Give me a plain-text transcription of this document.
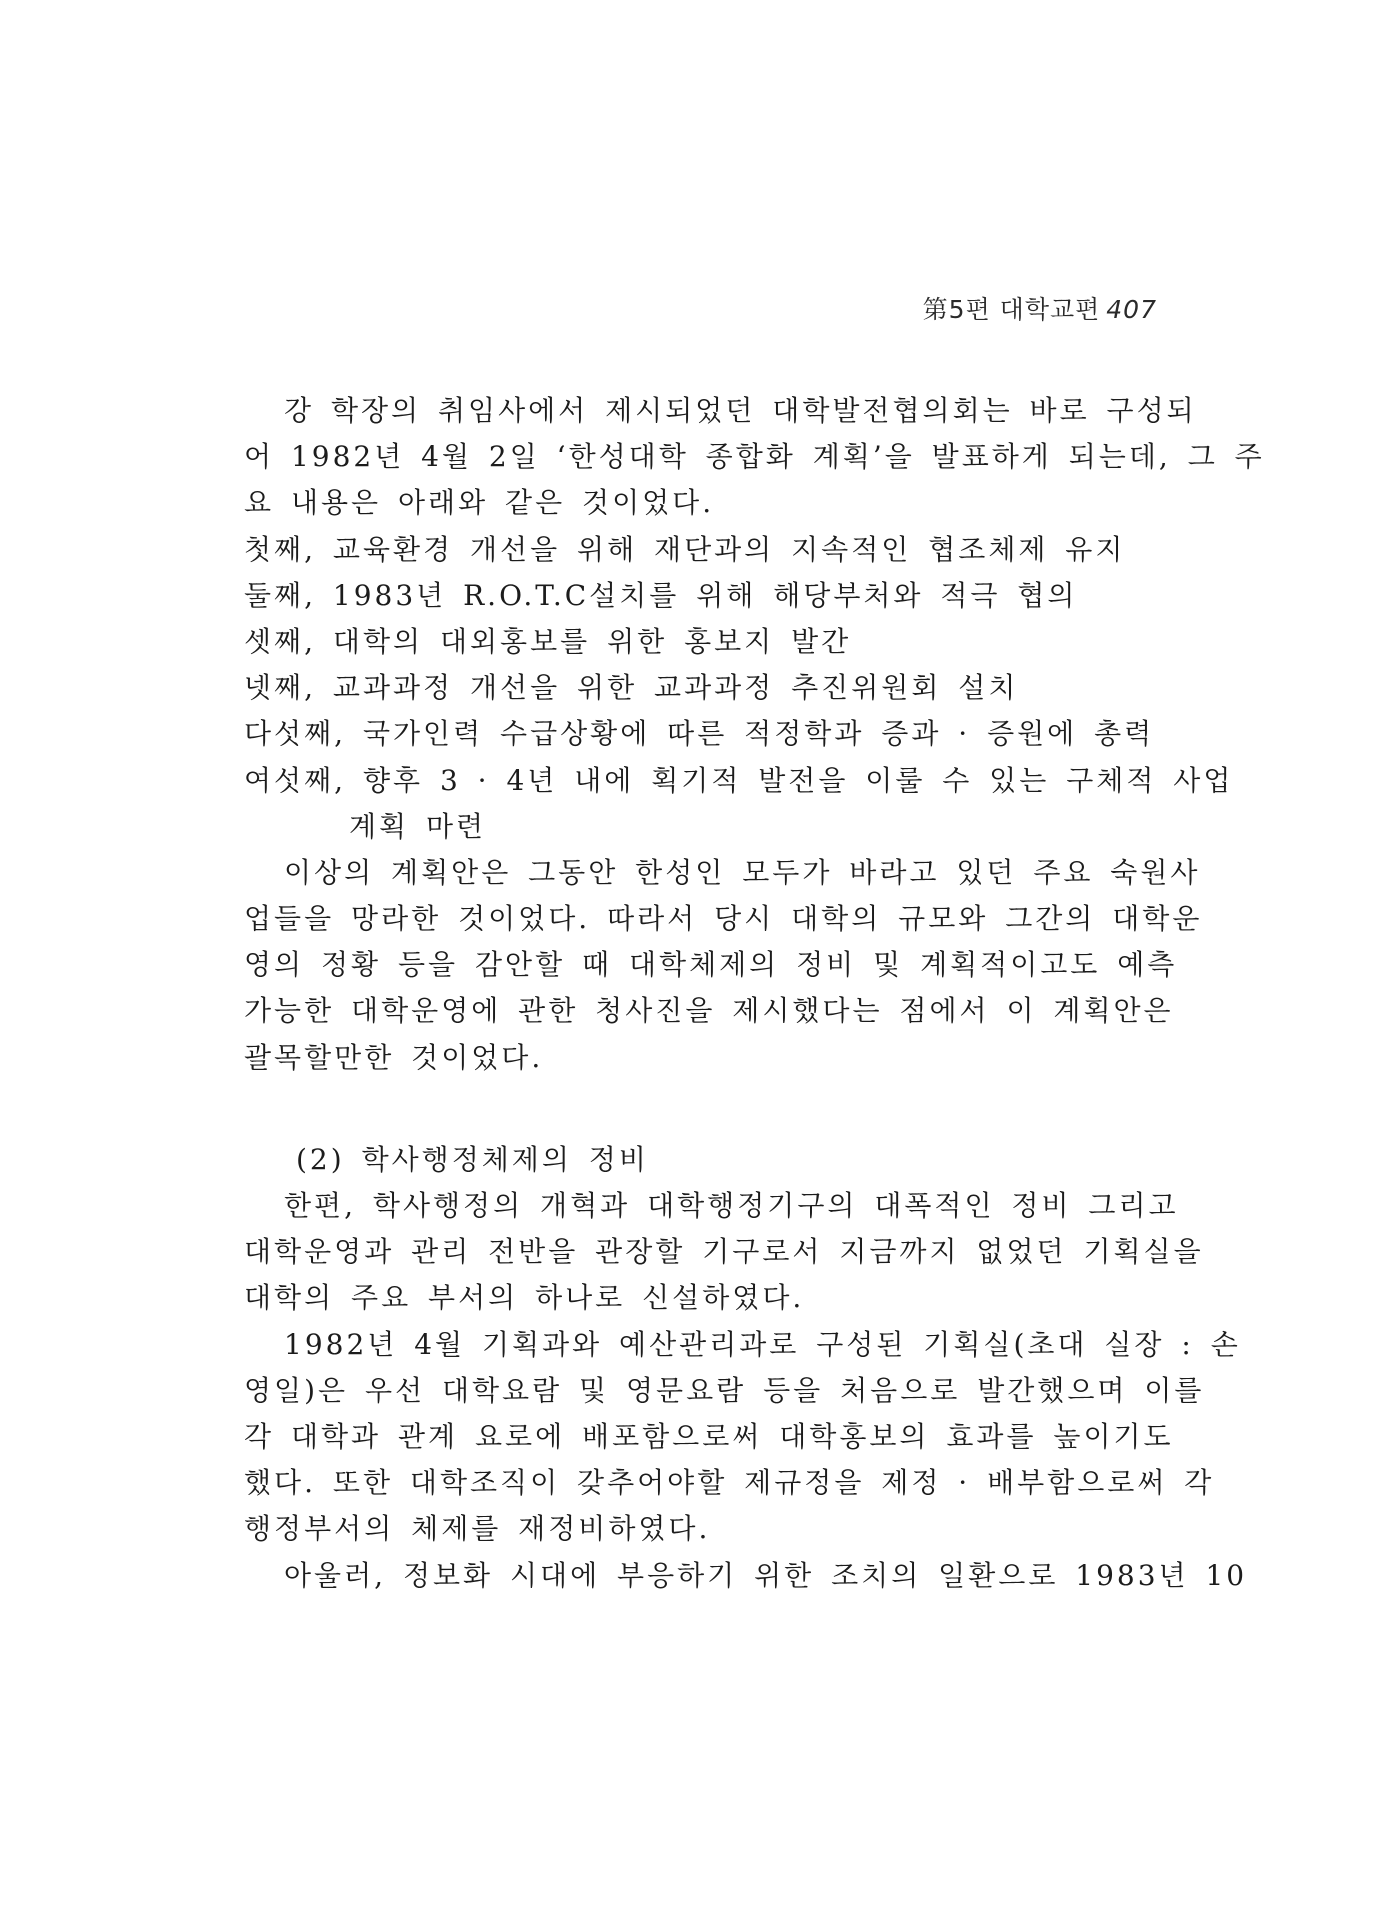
第5편 대학교편 407
강 학장의 취임사에서 제시되었던 대학발전협의회는 바로 구성되
어 1982년 4월 2일 ‘한성대학 종합화 계획’을 발표하게 되는데, 그 주
요 내용은 아래와 같은 것이었다.
첫째, 교육환경 개선을 위해 재단과의 지속적인 협조체제 유지
둘째, 1983년 R.O.T.C설치를 위해 해당부처와 적극 협의
셋째, 대학의 대외홍보를 위한 홍보지 발간
넷째, 교과과정 개선을 위한 교과과정 추진위원회 설치
다섯째, 국가인력 수급상황에 따른 적정학과 증과 · 증원에 총력
여섯째, 향후 3 · 4년 내에 획기적 발전을 이룰 수 있는 구체적 사업
계획 마련
이상의 계획안은 그동안 한성인 모두가 바라고 있던 주요 숙원사
업들을 망라한 것이었다. 따라서 당시 대학의 규모와 그간의 대학운
영의 정황 등을 감안할 때 대학체제의 정비 및 계획적이고도 예측
가능한 대학운영에 관한 청사진을 제시했다는 점에서 이 계획안은
괄목할만한 것이었다.
(2) 학사행정체제의 정비
한편, 학사행정의 개혁과 대학행정기구의 대폭적인 정비 그리고
대학운영과 관리 전반을 관장할 기구로서 지금까지 없었던 기획실을
대학의 주요 부서의 하나로 신설하였다.
1982년 4월 기획과와 예산관리과로 구성된 기획실(초대 실장 : 손
영일)은 우선 대학요람 및 영문요람 등을 처음으로 발간했으며 이를
각 대학과 관계 요로에 배포함으로써 대학홍보의 효과를 높이기도
했다. 또한 대학조직이 갖추어야할 제규정을 제정 · 배부함으로써 각
행정부서의 체제를 재정비하였다.
아울러, 정보화 시대에 부응하기 위한 조치의 일환으로 1983년 10
